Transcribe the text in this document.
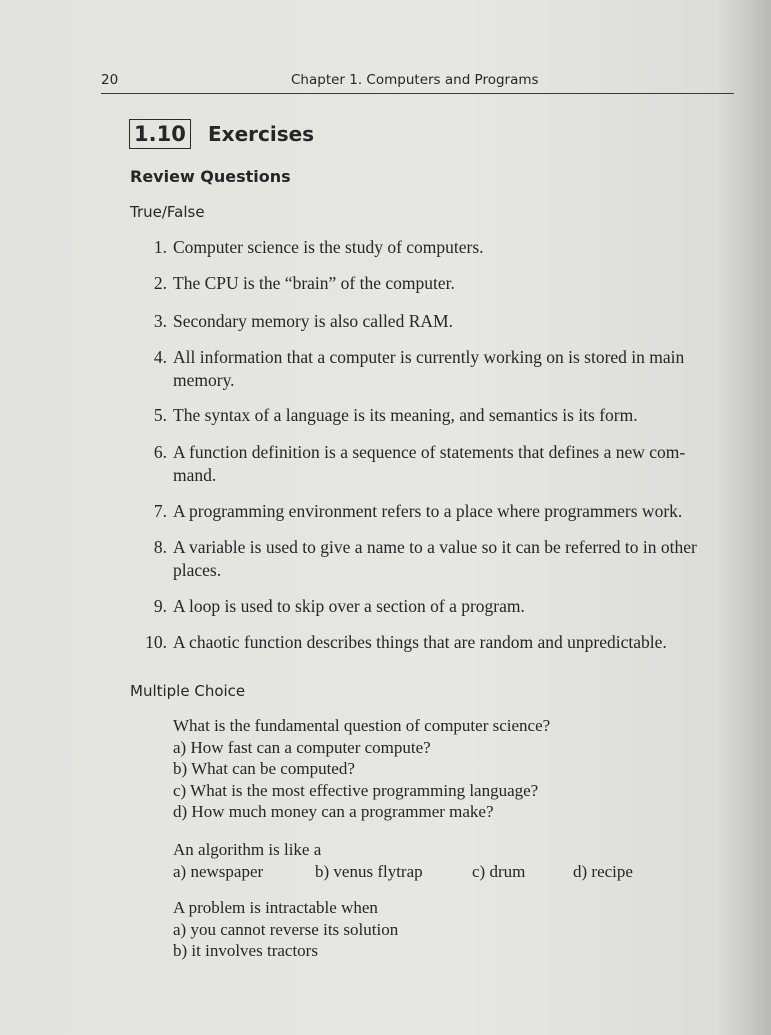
20	Chapter 1. Computers and Programs
1.10 Exercises
Review Questions
True/False
1. Computer science is the study of computers.
2. The CPU is the “brain” of the computer.
3. Secondary memory is also called RAM.
4. All information that a computer is currently working on is stored in main
memory.
5. The syntax of a language is its meaning, and semantics is its form.
6. A function definition is a sequence of statements that defines a new com-
mand.
7. A programming environment refers to a place where programmers work.
8. A variable is used to give a name to a value so it can be referred to in other
places.
9. A loop is used to skip over a section of a program.
10. A chaotic function describes things that are random and unpredictable.
Multiple Choice
What is the fundamental question of computer science?
a) How fast can a computer compute?
b) What can be computed?
c) What is the most effective programming language?
d) How much money can a programmer make?
An algorithm is like a
a) newspaper	b) venus flytrap	c) drum	d) recipe
A problem is intractable when
a) you cannot reverse its solution
b) it involves tractors
